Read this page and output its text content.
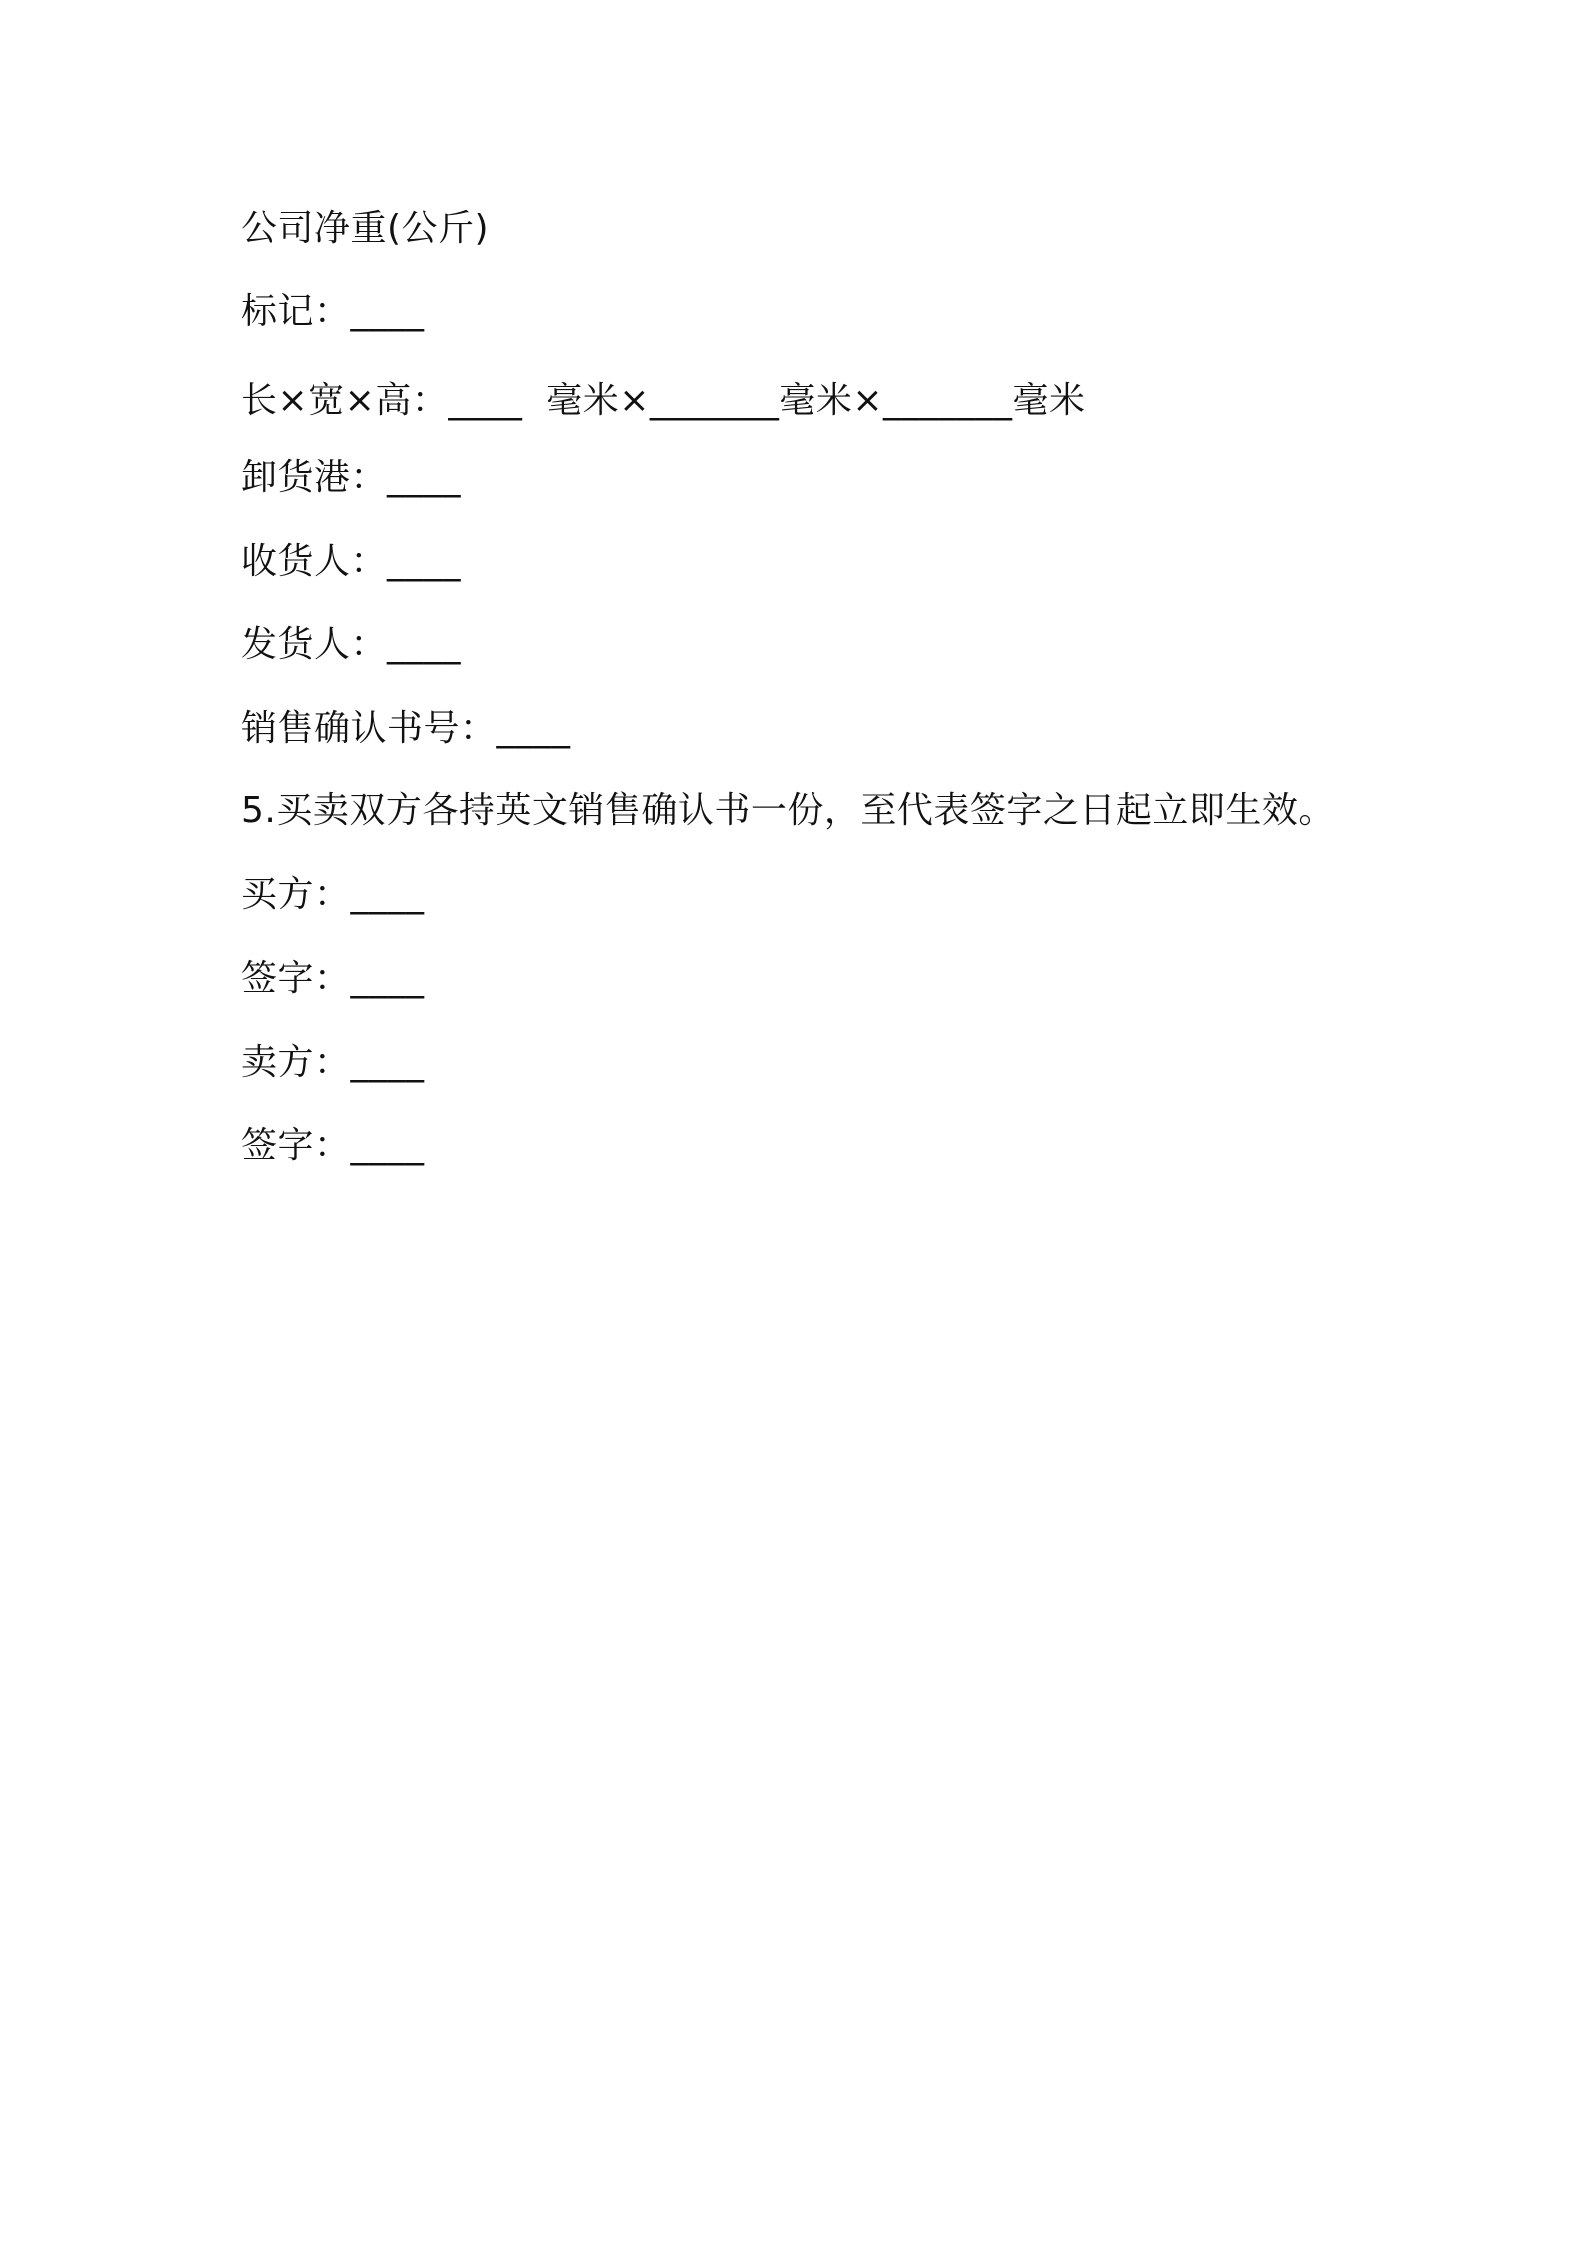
公司净重(公斤)
标记：____
长×宽×高：____  毫米×_______毫米×_______毫米
卸货港：____
收货人：____
发货人：____
销售确认书号：____
5.买卖双方各持英文销售确认书一份，至代表签字之日起立即生效。
买方：____
签字：____
卖方：____
签字：____
